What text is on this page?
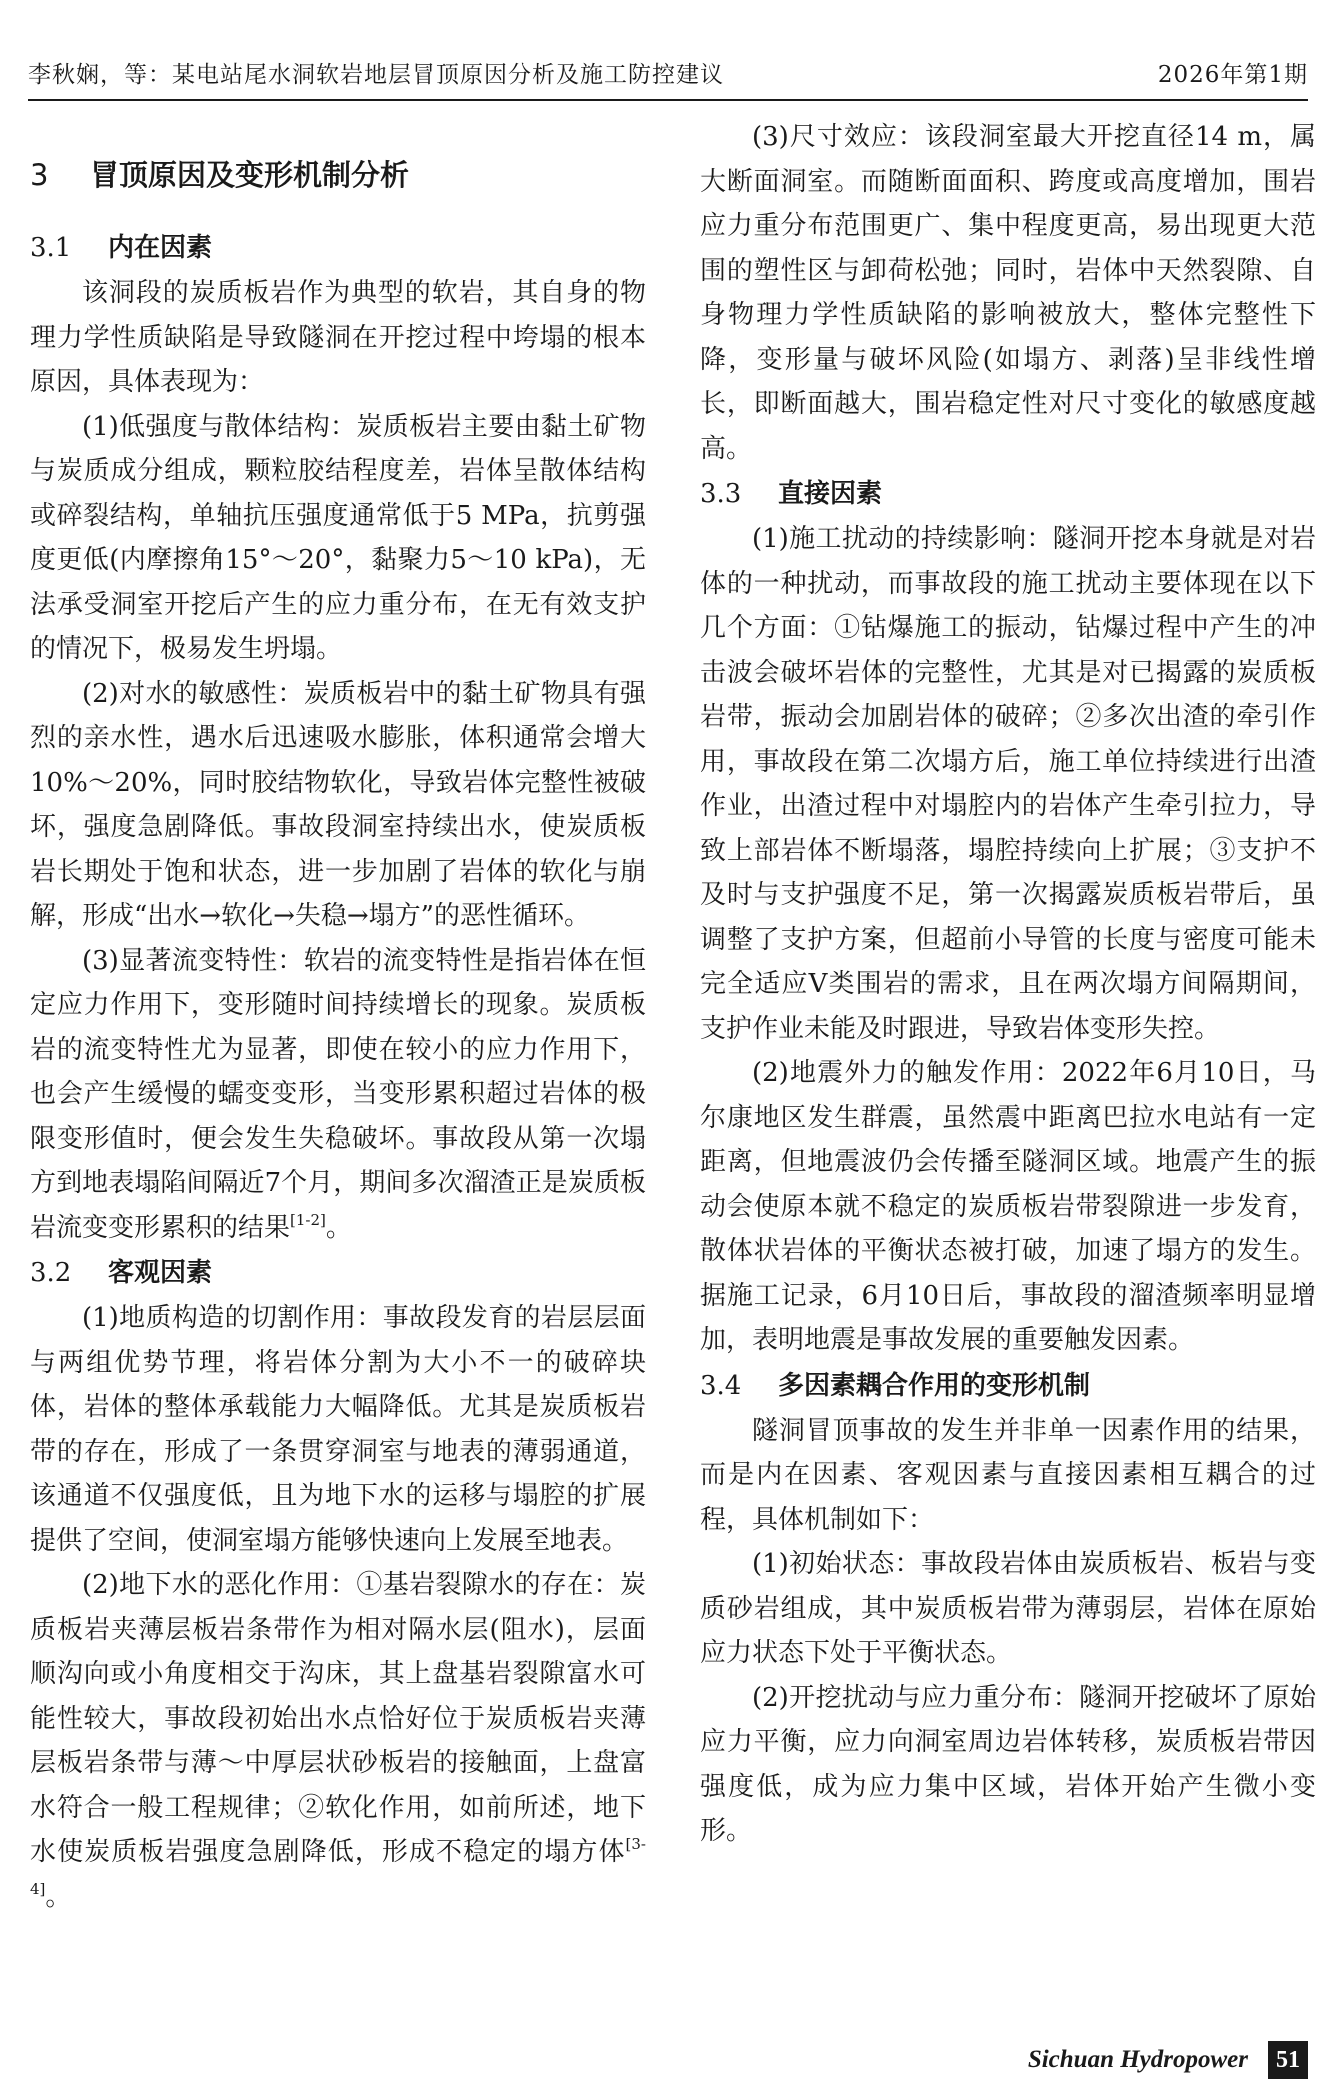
李秋娴，等：某电站尾水洞软岩地层冒顶原因分析及施工防控建议	2026年第1期
3 冒顶原因及变形机制分析
3.1 内在因素

该洞段的炭质板岩作为典型的软岩，其自身的物理力学性质缺陷是导致隧洞在开挖过程中垮塌的根本原因，具体表现为：

(1)低强度与散体结构：炭质板岩主要由黏土矿物与炭质成分组成，颗粒胶结程度差，岩体呈散体结构或碎裂结构，单轴抗压强度通常低于5 MPa，抗剪强度更低(内摩擦角15°～20°，黏聚力5～10 kPa)，无法承受洞室开挖后产生的应力重分布，在无有效支护的情况下，极易发生坍塌。

(2)对水的敏感性：炭质板岩中的黏土矿物具有强烈的亲水性，遇水后迅速吸水膨胀，体积通常会增大10%～20%，同时胶结物软化，导致岩体完整性被破坏，强度急剧降低。事故段洞室持续出水，使炭质板岩长期处于饱和状态，进一步加剧了岩体的软化与崩解，形成“出水→软化→失稳→塌方”的恶性循环。

(3)显著流变特性：软岩的流变特性是指岩体在恒定应力作用下，变形随时间持续增长的现象。炭质板岩的流变特性尤为显著，即使在较小的应力作用下，也会产生缓慢的蠕变变形，当变形累积超过岩体的极限变形值时，便会发生失稳破坏。事故段从第一次塌方到地表塌陷间隔近7个月，期间多次溜渣正是炭质板岩流变变形累积的结果[1-2]。

3.2 客观因素

(1)地质构造的切割作用：事故段发育的岩层层面与两组优势节理，将岩体分割为大小不一的破碎块体，岩体的整体承载能力大幅降低。尤其是炭质板岩带的存在，形成了一条贯穿洞室与地表的薄弱通道，该通道不仅强度低，且为地下水的运移与塌腔的扩展提供了空间，使洞室塌方能够快速向上发展至地表。

(2)地下水的恶化作用：①基岩裂隙水的存在：炭质板岩夹薄层板岩条带作为相对隔水层(阻水)，层面顺沟向或小角度相交于沟床，其上盘基岩裂隙富水可能性较大，事故段初始出水点恰好位于炭质板岩夹薄层板岩条带与薄～中厚层状砂板岩的接触面，上盘富水符合一般工程规律；②软化作用，如前所述，地下水使炭质板岩强度急剧降低，形成不稳定的塌方体[3-4]。

(3)尺寸效应：该段洞室最大开挖直径14 m，属大断面洞室。而随断面面积、跨度或高度增加，围岩应力重分布范围更广、集中程度更高，易出现更大范围的塑性区与卸荷松弛；同时，岩体中天然裂隙、自身物理力学性质缺陷的影响被放大，整体完整性下降，变形量与破坏风险(如塌方、剥落)呈非线性增长，即断面越大，围岩稳定性对尺寸变化的敏感度越高。

3.3 直接因素

(1)施工扰动的持续影响：隧洞开挖本身就是对岩体的一种扰动，而事故段的施工扰动主要体现在以下几个方面：①钻爆施工的振动，钻爆过程中产生的冲击波会破坏岩体的完整性，尤其是对已揭露的炭质板岩带，振动会加剧岩体的破碎；②多次出渣的牵引作用，事故段在第二次塌方后，施工单位持续进行出渣作业，出渣过程中对塌腔内的岩体产生牵引拉力，导致上部岩体不断塌落，塌腔持续向上扩展；③支护不及时与支护强度不足，第一次揭露炭质板岩带后，虽调整了支护方案，但超前小导管的长度与密度可能未完全适应Ⅴ类围岩的需求，且在两次塌方间隔期间，支护作业未能及时跟进，导致岩体变形失控。

(2)地震外力的触发作用：2022年6月10日，马尔康地区发生群震，虽然震中距离巴拉水电站有一定距离，但地震波仍会传播至隧洞区域。地震产生的振动会使原本就不稳定的炭质板岩带裂隙进一步发育，散体状岩体的平衡状态被打破，加速了塌方的发生。据施工记录，6月10日后，事故段的溜渣频率明显增加，表明地震是事故发展的重要触发因素。

3.4 多因素耦合作用的变形机制

隧洞冒顶事故的发生并非单一因素作用的结果，而是内在因素、客观因素与直接因素相互耦合的过程，具体机制如下：

(1)初始状态：事故段岩体由炭质板岩、板岩与变质砂岩组成，其中炭质板岩带为薄弱层，岩体在原始应力状态下处于平衡状态。

(2)开挖扰动与应力重分布：隧洞开挖破坏了原始应力平衡，应力向洞室周边岩体转移，炭质板岩带因强度低，成为应力集中区域，岩体开始产生微小变形。

Sichuan Hydropower	51
